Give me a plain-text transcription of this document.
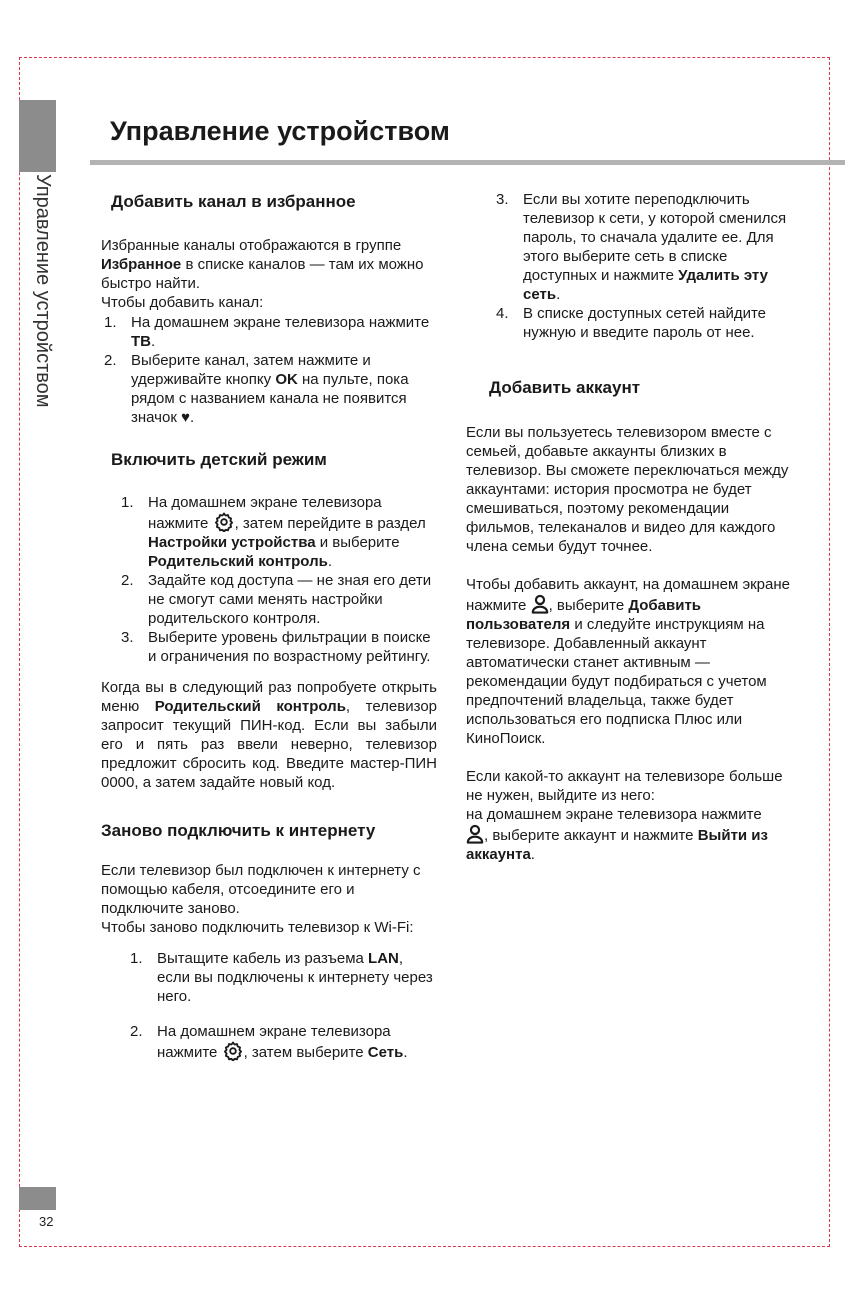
Управление устройством
Управление устройством
32
Добавить канал в избранное

Избранные каналы отображаются в группе Избранное в списке каналов — там их можно быстро найти.
Чтобы добавить канал:

1. На домашнем экране телевизора нажмите ТВ.
2. Выберите канал, затем нажмите и удерживайте кнопку OK на пульте, пока рядом с названием канала не появится значок ♥.
Включить детский режим
1. На домашнем экране телевизора нажмите , затем перейдите в раздел Настройки устройства и выберите Родительский контроль.
2. Задайте код доступа — не зная его дети не смогут сами менять настройки родительского контроля.
3. Выберите уровень фильтрации в поиске и ограничения по возрастному рейтингу.

Когда вы в следующий раз попробуете открыть меню Родительский контроль, телевизор запросит текущий ПИН-код. Если вы забыли его и пять раз ввели неверно, телевизор предложит сбросить код. Введите мастер-ПИН 0000, а затем задайте новый код.

Заново подключить к интернету

Если телевизор был подключен к интернету с помощью кабеля, отсоедините его и подключите заново.
Чтобы заново подключить телевизор к Wi-Fi:

1. Вытащите кабель из разъема LAN, если вы подключены к интернету через него.
2. На домашнем экране телевизора нажмите , затем выберите Сеть.
3. Если вы хотите переподключить телевизор к сети, у которой сменился пароль, то сначала удалите ее. Для этого выберите сеть в списке доступных и нажмите Удалить эту сеть.
4. В списке доступных сетей найдите нужную и введите пароль от нее.
Добавить аккаунт

Если вы пользуетесь телевизором вместе с семьей, добавьте аккаунты близких в телевизор. Вы сможете переключаться между аккаунтами: история просмотра не будет смешиваться, поэтому рекомендации фильмов, телеканалов и видео для каждого члена семьи будут точнее.

Чтобы добавить аккаунт, на домашнем экране нажмите , выберите Добавить пользователя и следуйте инструкциям на телевизоре. Добавленный аккаунт автоматически станет активным — рекомендации будут подбираться с учетом предпочтений владельца, также будет использоваться его подписка Плюс или КиноПоиск.

Если какой-то аккаунт на телевизоре больше не нужен, выйдите из него:
на домашнем экране телевизора нажмите
, выберите аккаунт и нажмите Выйти из аккаунта.
